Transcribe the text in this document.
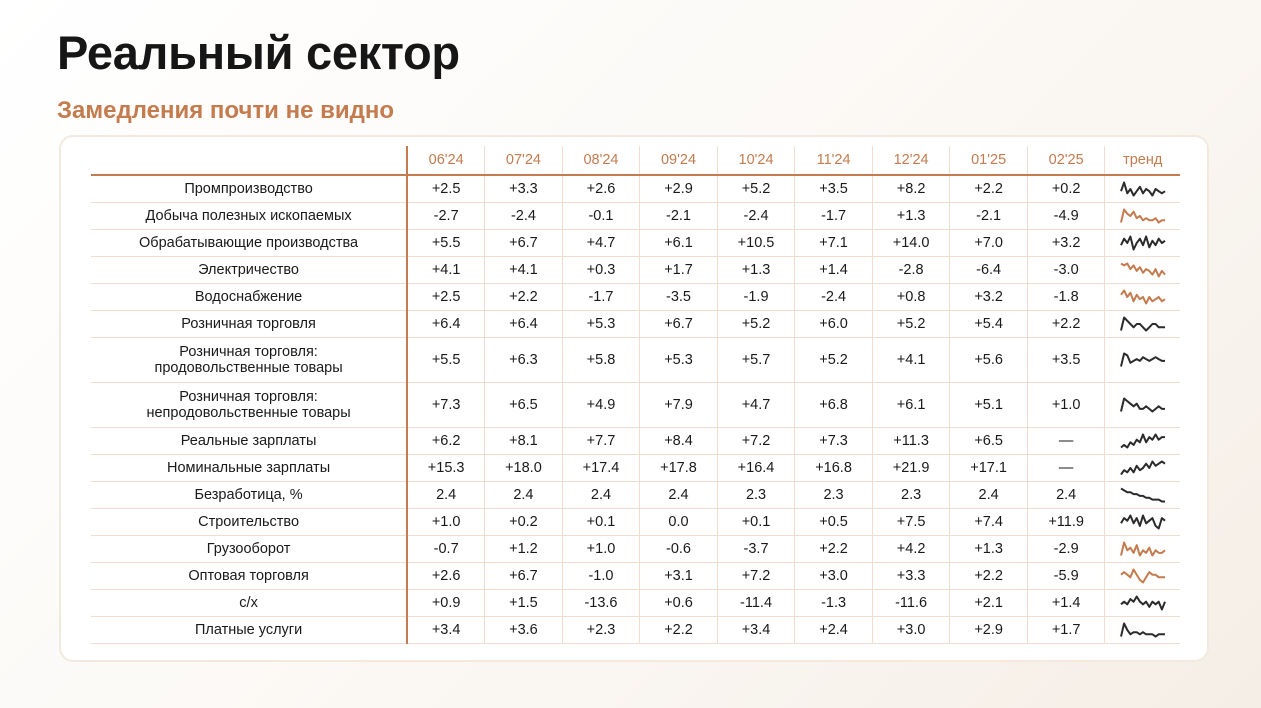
Реальный сектор
Замедления почти не видно
	06'24	07'24	08'24	09'24	10'24	11'24	12'24	01'25	02'25	тренд
Промпроизводство	+2.5	+3.3	+2.6	+2.9	+5.2	+3.5	+8.2	+2.2	+0.2	

Добыча полезных ископаемых	-2.7	-2.4	-0.1	-2.1	-2.4	-1.7	+1.3	-2.1	-4.9	

Обрабатывающие производства	+5.5	+6.7	+4.7	+6.1	+10.5	+7.1	+14.0	+7.0	+3.2	

Электричество	+4.1	+4.1	+0.3	+1.7	+1.3	+1.4	-2.8	-6.4	-3.0	

Водоснабжение	+2.5	+2.2	-1.7	-3.5	-1.9	-2.4	+0.8	+3.2	-1.8	

Розничная торговля	+6.4	+6.4	+5.3	+6.7	+5.2	+6.0	+5.2	+5.4	+2.2	

Розничная торговля:
продовольственные товары	+5.5	+6.3	+5.8	+5.3	+5.7	+5.2	+4.1	+5.6	+3.5	

Розничная торговля:
непродовольственные товары	+7.3	+6.5	+4.9	+7.9	+4.7	+6.8	+6.1	+5.1	+1.0	

Реальные зарплаты	+6.2	+8.1	+7.7	+8.4	+7.2	+7.3	+11.3	+6.5	—	

Номинальные зарплаты	+15.3	+18.0	+17.4	+17.8	+16.4	+16.8	+21.9	+17.1	—	

Безработица, %	2.4	2.4	2.4	2.4	2.3	2.3	2.3	2.4	2.4	

Строительство	+1.0	+0.2	+0.1	0.0	+0.1	+0.5	+7.5	+7.4	+11.9	

Грузооборот	-0.7	+1.2	+1.0	-0.6	-3.7	+2.2	+4.2	+1.3	-2.9	

Оптовая торговля	+2.6	+6.7	-1.0	+3.1	+7.2	+3.0	+3.3	+2.2	-5.9	

с/х	+0.9	+1.5	-13.6	+0.6	-11.4	-1.3	-11.6	+2.1	+1.4	

Платные услуги	+3.4	+3.6	+2.3	+2.2	+3.4	+2.4	+3.0	+2.9	+1.7	
